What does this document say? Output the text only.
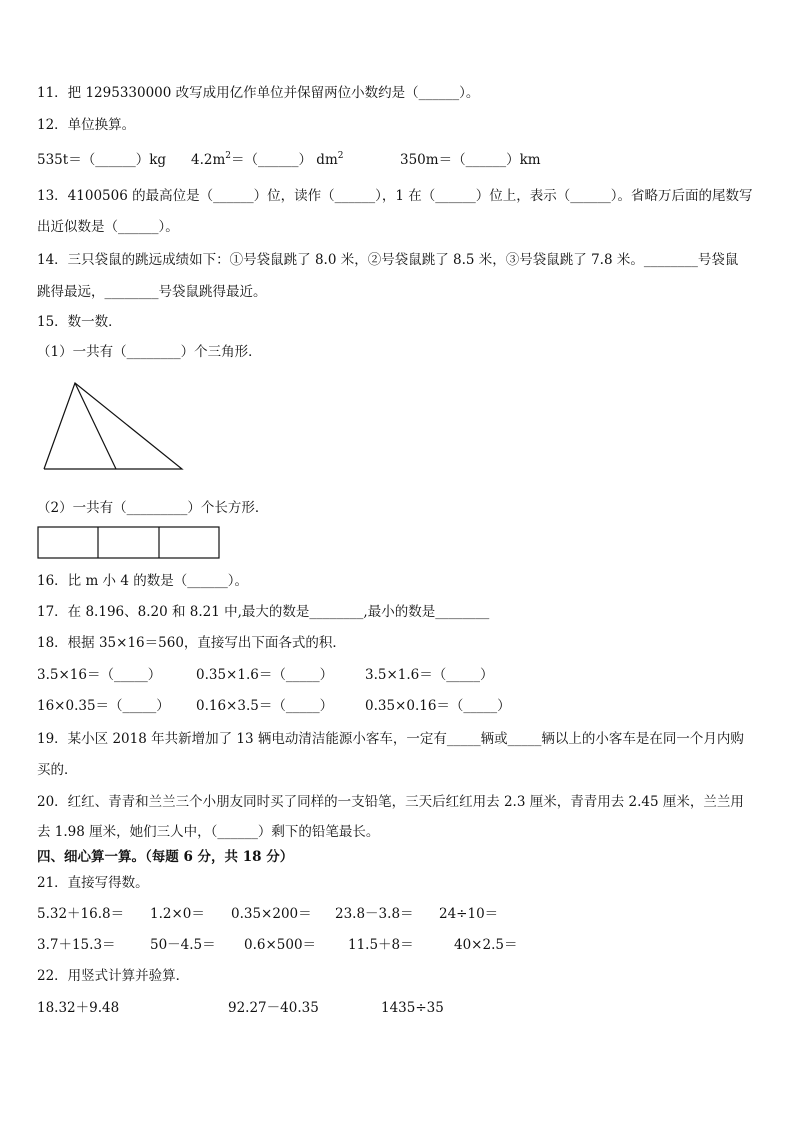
11．把 1295330000 改写成用亿作单位并保留两位小数约是（______）。
12．单位换算。
535t＝（______）kg $4.2m^2=(\_\_\_\_\_\_)$ $dm^2$	350m＝（______）km
13．4100506 的最高位是（______）位，读作（______），1 在（______）位上，表示（______）。省略万后面的尾数写
出近似数是（______）。
14．三只袋鼠的跳远成绩如下：①号袋鼠跳了 8.0 米，②号袋鼠跳了 8.5 米，③号袋鼠跳了 7.8 米。________号袋鼠
跳得最远，________号袋鼠跳得最近。
15．数一数．
（1）一共有（________）个三角形．
（2）一共有（_________）个长方形．
16．比 m 小 4 的数是（______）。
17．在 8.196、8.20 和 8.21 中,最大的数是________,最小的数是________
18．根据 35×16＝560，直接写出下面各式的积．
3.5×16＝（_____）	0.35×1.6＝（_____） 3.5×1.6＝（_____）
16×0.35＝（_____） 0.16×3.5＝（_____） 0.35×0.16＝（_____）
19．某小区 2018 年共新增加了 13 辆电动清洁能源小客车，一定有_____辆或_____辆以上的小客车是在同一个月内购
买的．
20．红红、青青和兰兰三个小朋友同时买了同样的一支铅笔，三天后红红用去 2.3 厘米，青青用去 2.45 厘米，兰兰用
去 1.98 厘米，她们三人中，（______）剩下的铅笔最长。
四、细心算一算。（每题 6 分，共 18 分）
21．直接写得数。
5.32＋16.8＝ 1.2×0＝ 0.35×200＝ 23.8－3.8＝ 24÷10＝
3.7＋15.3＝	50－4.5＝ 0.6×500＝ 11.5＋8＝	40×2.5＝
22．用竖式计算并验算．
18.32＋9.48	92.27－40.35	1435÷35
